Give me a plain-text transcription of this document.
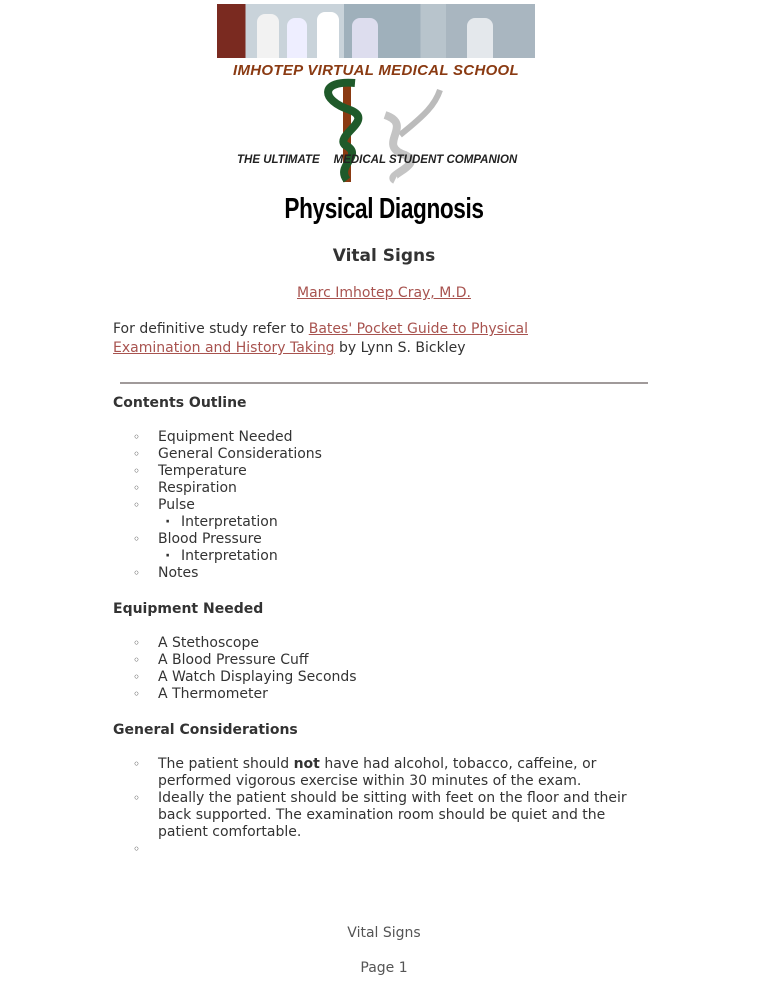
IMHOTEP VIRTUAL MEDICAL SCHOOL
THE ULTIMATE MEDICAL STUDENT COMPANION
Physical Diagnosis
Vital Signs
Marc Imhotep Cray, M.D.
For definitive study refer to Bates' Pocket Guide to Physical Examination and History Taking by Lynn S. Bickley
Contents Outline
◦ Equipment Needed
◦ General Considerations
◦ Temperature
◦ Respiration
◦ Pulse
· Interpretation
◦ Blood Pressure
· Interpretation
◦ Notes
Equipment Needed
◦ A Stethoscope
◦ A Blood Pressure Cuff
◦ A Watch Displaying Seconds
◦ A Thermometer
General Considerations
◦ The patient should not have had alcohol, tobacco, caffeine, or performed vigorous exercise within 30 minutes of the exam.
◦ Ideally the patient should be sitting with feet on the floor and their back supported. The examination room should be quiet and the patient comfortable.
◦
Vital Signs
Page 1
